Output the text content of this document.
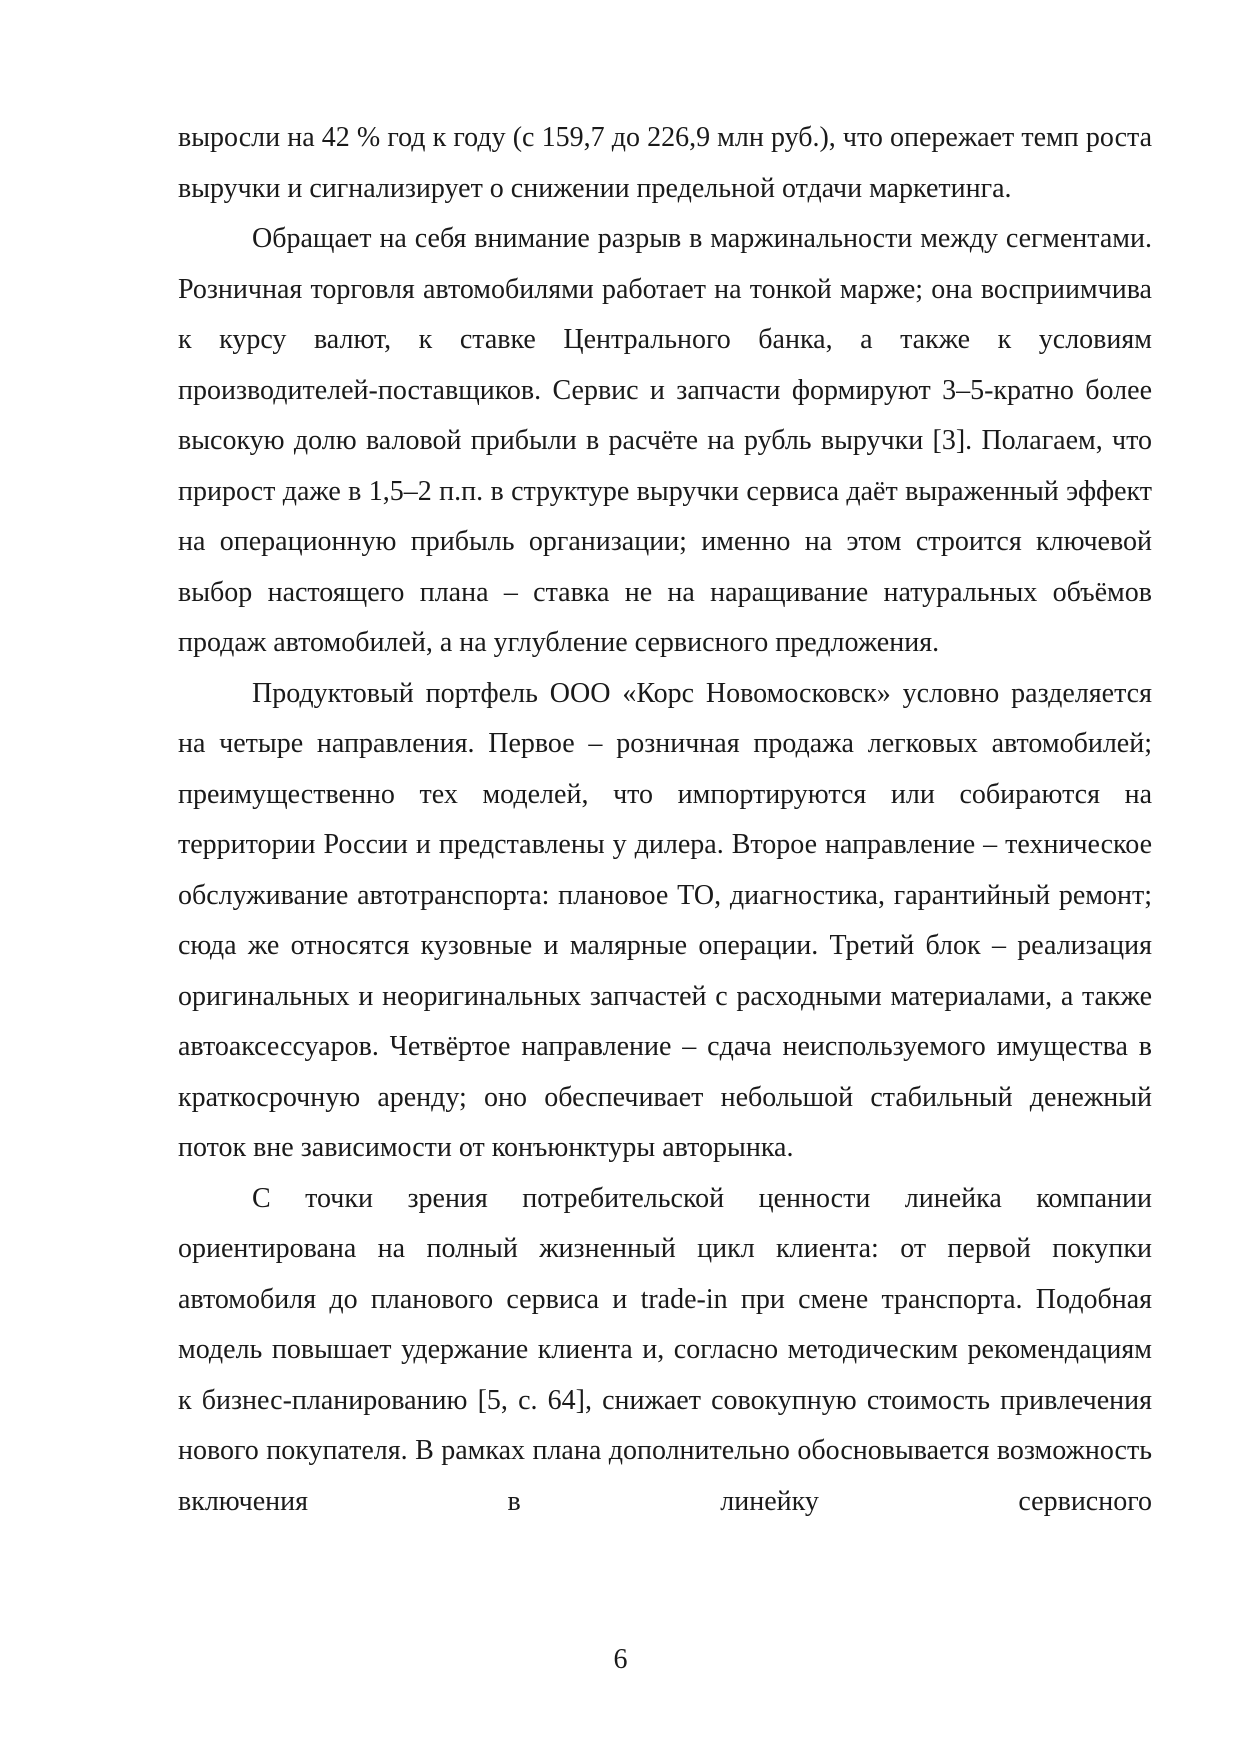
выросли на 42 % год к году (с 159,7 до 226,9 млн руб.), что опережает темп роста выручки и сигнализирует о снижении предельной отдачи маркетинга.

Обращает на себя внимание разрыв в маржинальности между сегментами. Розничная торговля автомобилями работает на тонкой марже; она восприимчива к курсу валют, к ставке Центрального банка, а также к условиям производителей-поставщиков. Сервис и запчасти формируют 3–5-кратно более высокую долю валовой прибыли в расчёте на рубль выручки [3]. Полагаем, что прирост даже в 1,5–2 п.п. в структуре выручки сервиса даёт выраженный эффект на операционную прибыль организации; именно на этом строится ключевой выбор настоящего плана – ставка не на наращивание натуральных объёмов продаж автомобилей, а на углубление сервисного предложения.

Продуктовый портфель ООО «Корс Новомосковск» условно разделяется на четыре направления. Первое – розничная продажа легковых автомобилей; преимущественно тех моделей, что импортируются или собираются на территории России и представлены у дилера. Второе направление – техническое обслуживание автотранспорта: плановое ТО, диагностика, гарантийный ремонт; сюда же относятся кузовные и малярные операции. Третий блок – реализация оригинальных и неоригинальных запчастей с расходными материалами, а также автоаксессуаров. Четвёртое направление – сдача неиспользуемого имущества в краткосрочную аренду; оно обеспечивает небольшой стабильный денежный поток вне зависимости от конъюнктуры авторынка.

С точки зрения потребительской ценности линейка компании ориентирована на полный жизненный цикл клиента: от первой покупки автомобиля до планового сервиса и trade-in при смене транспорта. Подобная модель повышает удержание клиента и, согласно методическим рекомендациям к бизнес-планированию [5, с. 64], снижает совокупную стоимость привлечения нового покупателя. В рамках плана дополнительно обосновывается возможность включения в линейку сервисного

6
